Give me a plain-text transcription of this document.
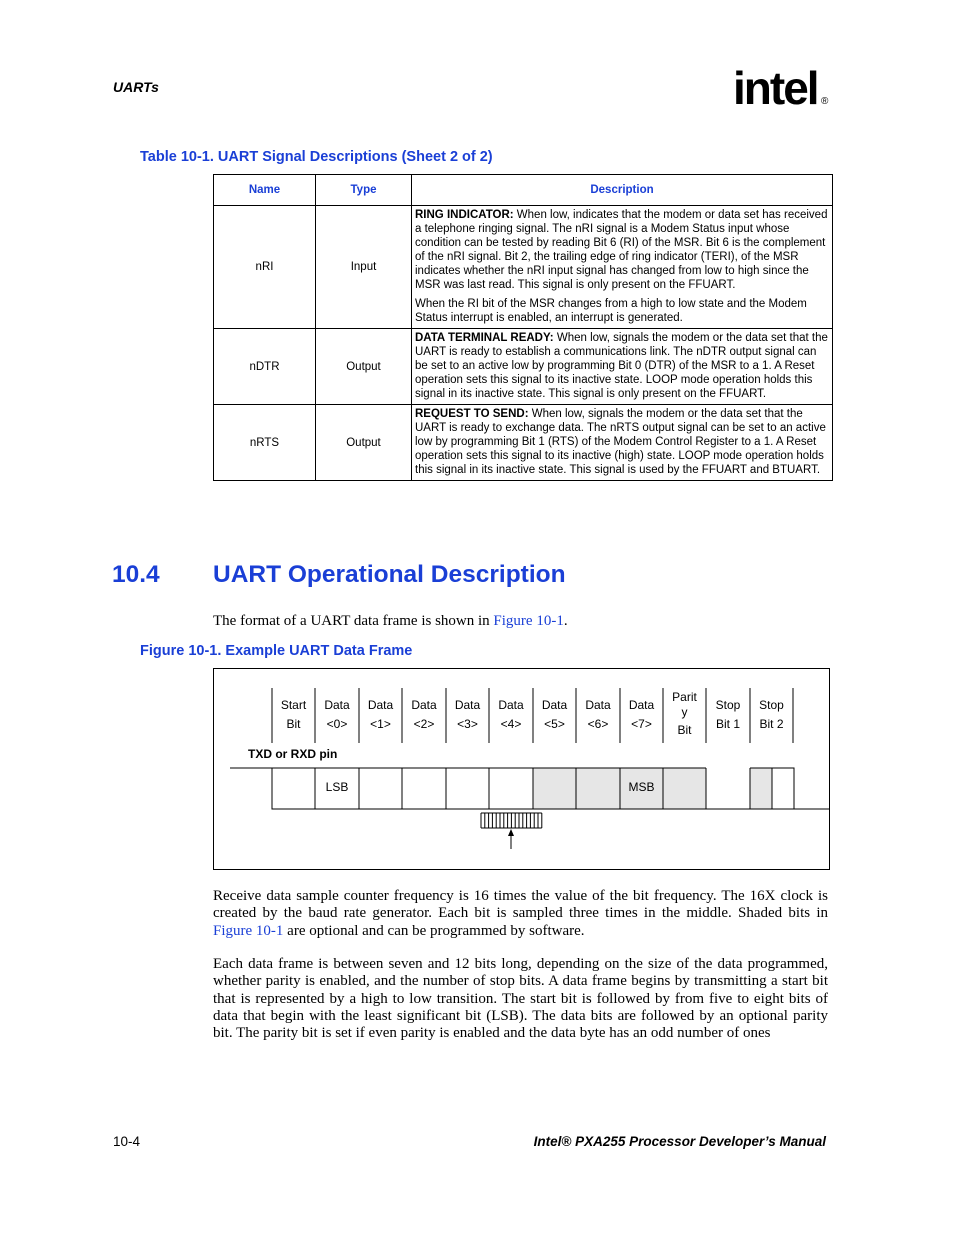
UARTs	intel ®
Table 10-1. UART Signal Descriptions (Sheet 2 of 2)
Name	Type	Description
nRI	Input	RING INDICATOR: When low, indicates that the modem or data set has received a telephone ringing signal. The nRI signal is a Modem Status input whose condition can be tested by reading Bit 6 (RI) of the MSR. Bit 6 is the complement of the nRI signal. Bit 2, the trailing edge of ring indicator (TERI), of the MSR indicates whether the nRI input signal has changed from low to high since the MSR was last read. This signal is only present on the FFUART.

When the RI bit of the MSR changes from a high to low state and the Modem Status interrupt is enabled, an interrupt is generated.

nDTR	Output	DATA TERMINAL READY: When low, signals the modem or the data set that the UART is ready to establish a communications link. The nDTR output signal can be set to an active low by programming Bit 0 (DTR) of the MSR to a 1. A Reset operation sets this signal to its inactive state. LOOP mode operation holds this signal in its inactive state. This signal is only present on the FFUART.

nRTS	Output	REQUEST TO SEND: When low, signals the modem or the data set that the UART is ready to exchange data. The nRTS output signal can be set to an active low by programming Bit 1 (RTS) of the Modem Control Register to a 1. A Reset operation sets this signal to its inactive (high) state. LOOP mode operation holds this signal in its inactive state. This signal is used by the FFUART and BTUART.

10.4 UART Operational Description
The format of a UART data frame is shown in Figure 10-1.
Figure 10-1. Example UART Data Frame
Start
Bit
Data
<0>
LSB
Data
<1>
Data
<2>
Data
<3>
Data
<4>
Data
<5>
Data
<6>
Data
<7>
MSB
Parit
y
Bit
Stop
Bit 1
Stop
Bit 2
TXD or RXD pin
Receive data sample counter frequency is 16 times the value of the bit frequency. The 16X clock is created by the baud rate generator. Each bit is sampled three times in the middle. Shaded bits in Figure 10-1 are optional and can be programmed by software.
Each data frame is between seven and 12 bits long, depending on the size of the data programmed, whether parity is enabled, and the number of stop bits. A data frame begins by transmitting a start bit that is represented by a high to low transition. The start bit is followed by from five to eight bits of data that begin with the least significant bit (LSB). The data bits are followed by an optional parity bit. The parity bit is set if even parity is enabled and the data byte has an odd number of ones
10-4	Intel® PXA255 Processor Developer’s Manual
